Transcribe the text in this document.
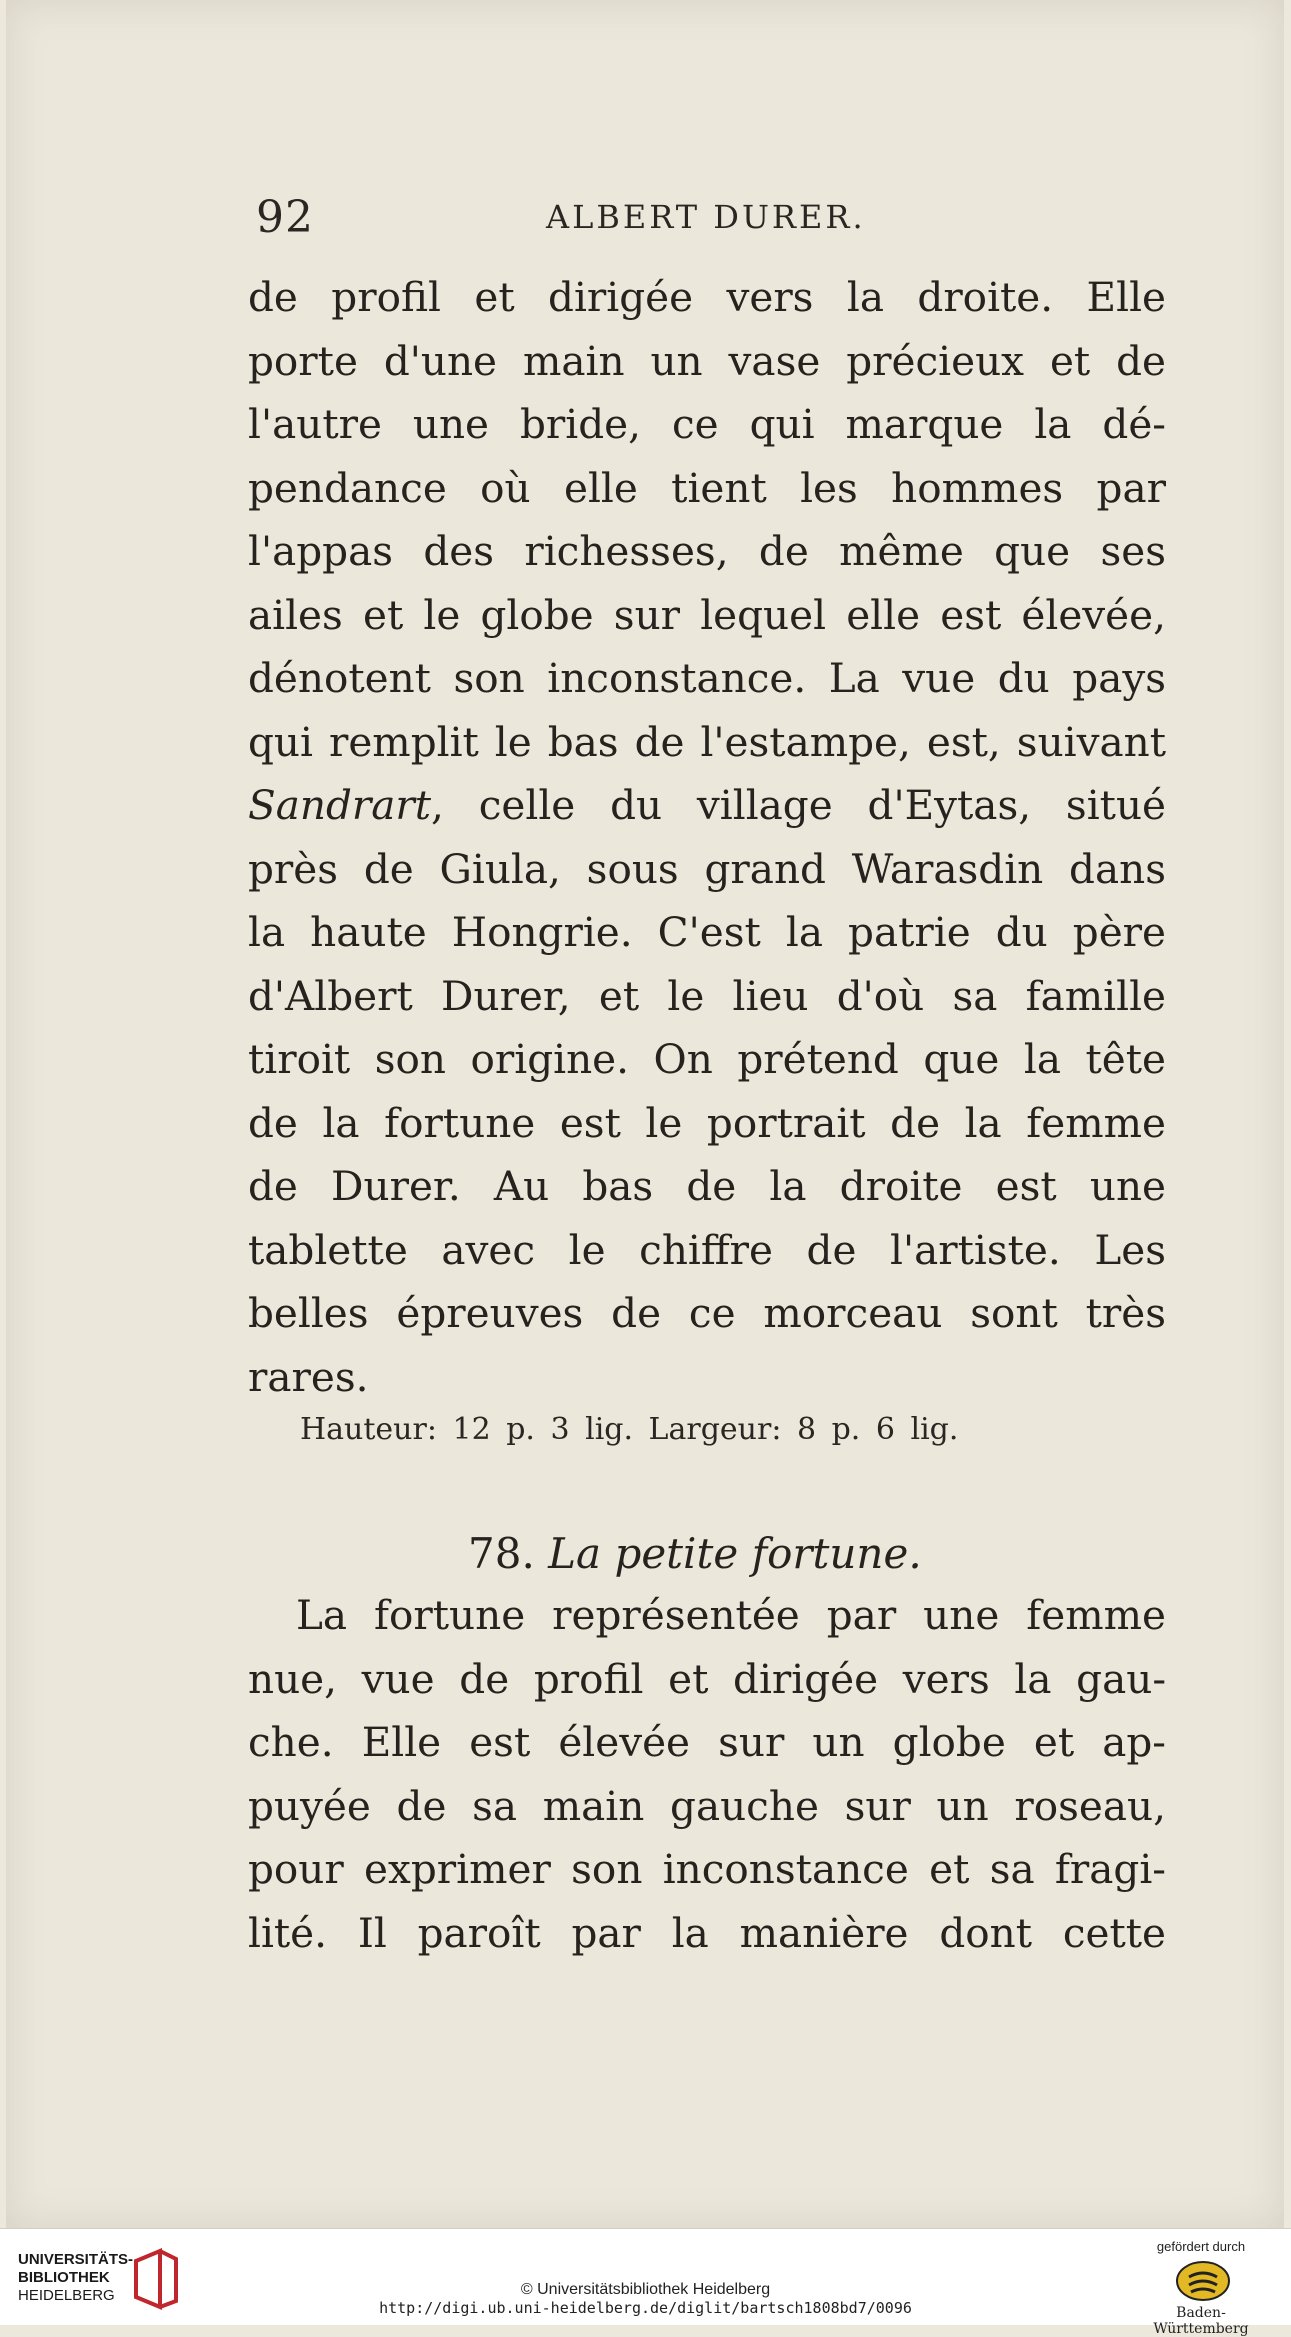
92	ALBERT DURER.
de profil et dirigée vers la droite. Elle
porte d'une main un vase précieux et de
l'autre une bride, ce qui marque la dé-
pendance où elle tient les hommes par
l'appas des richesses, de même que ses
ailes et le globe sur lequel elle est élevée,
dénotent son inconstance. La vue du pays
qui remplit le bas de l'estampe, est, suivant
Sandrart, celle du village d'Eytas, situé
près de Giula, sous grand Warasdin dans
la haute Hongrie. C'est la patrie du père
d'Albert Durer, et le lieu d'où sa famille
tiroit son origine. On prétend que la tête
de la fortune est le portrait de la femme
de Durer. Au bas de la droite est une
tablette avec le chiffre de l'artiste. Les
belles épreuves de ce morceau sont très
rares.
Hauteur: 12 p. 3 lig. Largeur: 8 p. 6 lig.
78. La petite fortune.
La fortune représentée par une femme
nue, vue de profil et dirigée vers la gau-
che. Elle est élevée sur un globe et ap-
puyée de sa main gauche sur un roseau,
pour exprimer son inconstance et sa fragi-
lité. Il paroît par la manière dont cette
UNIVERSITÄTS-
BIBLIOTHEK
HEIDELBERG	© Universitätsbibliothek Heidelberg
http://digi.ub.uni-heidelberg.de/diglit/bartsch1808bd7/0096
gefördert durch
Baden-Württemberg
